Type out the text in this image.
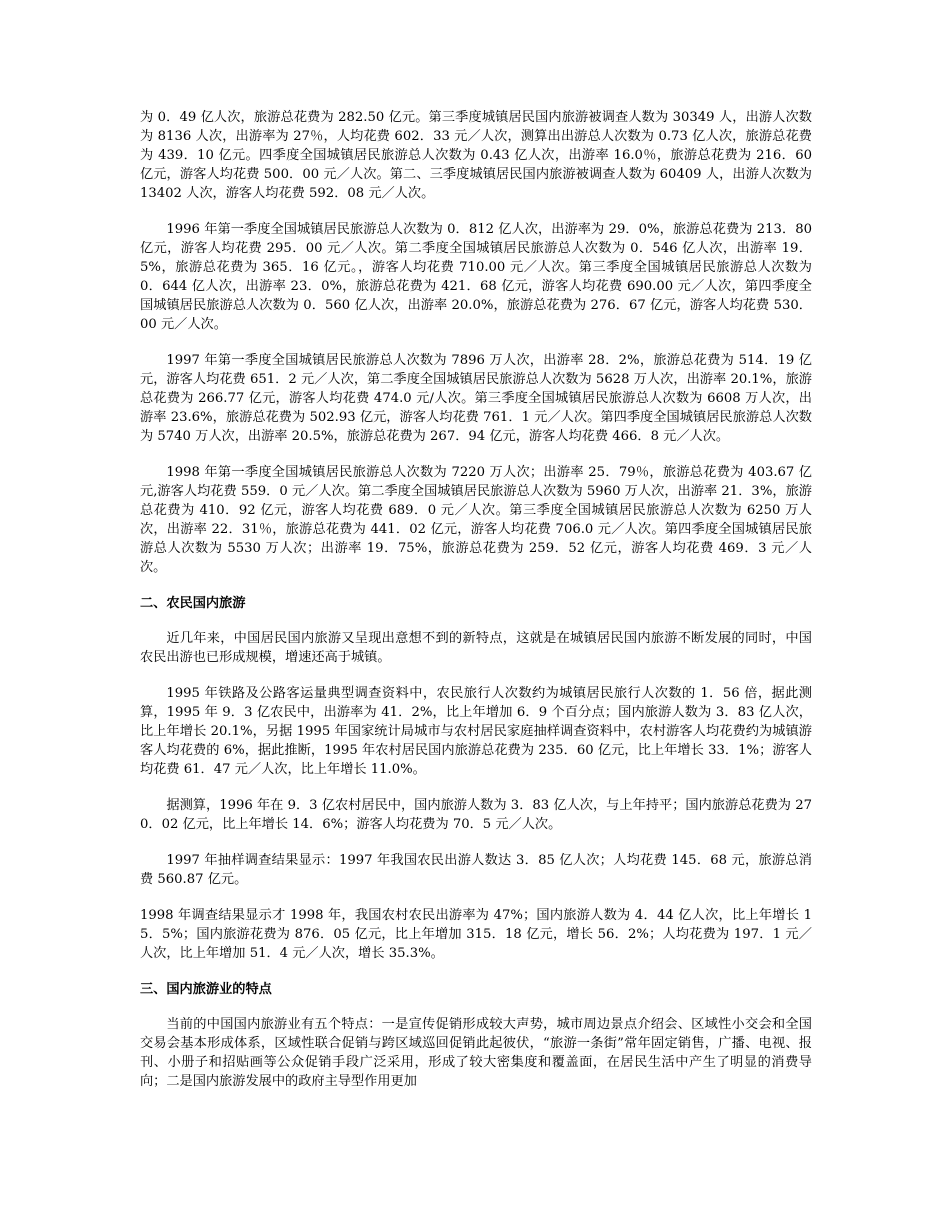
为 0．49 亿人次，旅游总花费为 282.50 亿元。第三季度城镇居民国内旅游被调查人数为 30349 人，出游人次数为 8136 人次，出游率为 27％，人均花费 602．33 元／人次，测算出出游总人次数为 0.73 亿人次，旅游总花费为 439．10 亿元。四季度全国城镇居民旅游总人次数为 0.43 亿人次，出游率 16.0％，旅游总花费为 216．60 亿元，游客人均花费 500．00 元／人次。第二、三季度城镇居民国内旅游被调查人数为 60409 人，出游人次数为 13402 人次，游客人均花费 592．08 元／人次。

1996 年第一季度全国城镇居民旅游总人次数为 0．812 亿人次，出游率为 29．0%，旅游总花费为 213．80 亿元，游客人均花费 295．00 元／人次。第二季度全国城镇居民旅游总人次数为 0．546 亿人次，出游率 19．5%，旅游总花费为 365．16 亿元。，游客人均花费 710.00 元／人次。第三季度全国城镇居民旅游总人次数为 0．644 亿人次，出游率 23．0%，旅游总花费为 421．68 亿元，游客人均花费 690.00 元／人次，第四季度全国城镇居民旅游总人次数为 0．560 亿人次，出游率 20.0%，旅游总花费为 276．67 亿元，游客人均花费 530．00 元／人次。

1997 年第一季度全国城镇居民旅游总人次数为 7896 万人次，出游率 28．2%，旅游总花费为 514．19 亿元，游客人均花费 651．2 元／人次，第二季度全国城镇居民旅游总人次数为 5628 万人次，出游率 20.1%，旅游总花费为 266.77 亿元，游客人均花费 474.0 元/人次。第三季度全国城镇居民旅游总人次数为 6608 万人次，出游率 23.6%，旅游总花费为 502.93 亿元，游客人均花费 761．1 元／人次。第四季度全国城镇居民旅游总人次数为 5740 万人次，出游率 20.5%，旅游总花费为 267．94 亿元，游客人均花费 466．8 元／人次。

1998 年第一季度全国城镇居民旅游总人次数为 7220 万人次；出游率 25．79％，旅游总花费为 403.67 亿元,游客人均花费 559．0 元／人次。第二季度全国城镇居民旅游总人次数为 5960 万人次，出游率 21．3%，旅游总花费为 410．92 亿元，游客人均花费 689．0 元／人次。第三季度全国城镇居民旅游总人次数为 6250 万人次，出游率 22．31％，旅游总花费为 441．02 亿元，游客人均花费 706.0 元／人次。第四季度全国城镇居民旅游总人次数为 5530 万人次；出游率 19．75%，旅游总花费为 259．52 亿元，游客人均花费 469．3 元／人次。

二、农民国内旅游

近几年来，中国居民国内旅游又呈现出意想不到的新特点，这就是在城镇居民国内旅游不断发展的同时，中国农民出游也已形成规模，增速还高于城镇。

1995 年铁路及公路客运量典型调查资料中，农民旅行人次数约为城镇居民旅行人次数的 1．56 倍，据此测算，1995 年 9．3 亿农民中，出游率为 41．2%，比上年增加 6．9 个百分点；国内旅游人数为 3．83 亿人次，比上年增长 20.1%，另据 1995 年国家统计局城市与农村居民家庭抽样调查资料中，农村游客人均花费约为城镇游客人均花费的 6%，据此推断，1995 年农村居民国内旅游总花费为 235．60 亿元，比上年增长 33．1%；游客人均花费 61．47 元／人次，比上年增长 11.0%。

据测算，1996 年在 9．3 亿农村居民中，国内旅游人数为 3．83 亿人次，与上年持平；国内旅游总花费为 270．02 亿元，比上年增长 14．6%；游客人均花费为 70．5 元／人次。

1997 年抽样调查结果显示：1997 年我国农民出游人数达 3．85 亿人次；人均花费 145．68 元，旅游总消费 560.87 亿元。

1998 年调查结果显示才 1998 年，我国农村农民出游率为 47%；国内旅游人数为 4．44 亿人次，比上年增长 15．5%；国内旅游花费为 876．05 亿元，比上年增加 315．18 亿元，增长 56．2%；人均花费为 197．1 元／人次，比上年增加 51．4 元／人次，增长 35.3%。

三、国内旅游业的特点

当前的中国国内旅游业有五个特点：一是宣传促销形成较大声势，城市周边景点介绍会、区域性小交会和全国交易会基本形成体系，区域性联合促销与跨区域巡回促销此起彼伏，“旅游一条街”常年固定销售，广播、电视、报刊、小册子和招贴画等公众促销手段广泛采用，形成了较大密集度和覆盖面，在居民生活中产生了明显的消费导向；二是国内旅游发展中的政府主导型作用更加
